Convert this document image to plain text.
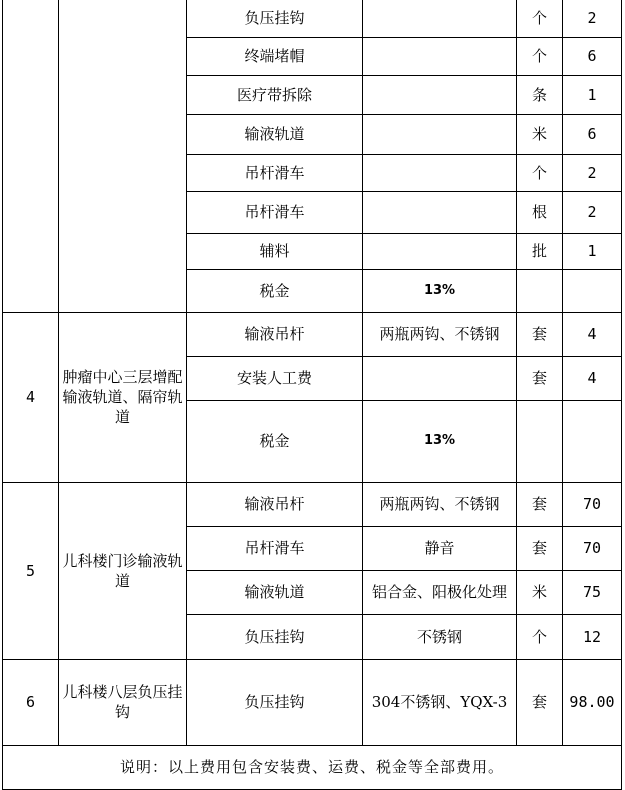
		负压挂钩		个	2
		终端堵帽		个	6
		医疗带拆除		条	1
		输液轨道		米	6
		吊杆滑车		个	2
		吊杆滑车		根	2
		辅料		批	1
		税金	13%		
4	肿瘤中心三层增配输液轨道、隔帘轨道	输液吊杆	两瓶两钩、不锈钢	套	4
		安装人工费		套	4
		税金	13%		
5	儿科楼门诊输液轨道	输液吊杆	两瓶两钩、不锈钢	套	70
		吊杆滑车	静音	套	70
		输液轨道	铝合金、阳极化处理	米	75
		负压挂钩	不锈钢	个	12
6	儿科楼八层负压挂钩	负压挂钩	304不锈钢、YQX-3	套	98.00
说明：以上费用包含安装费、运费、税金等全部费用。					
